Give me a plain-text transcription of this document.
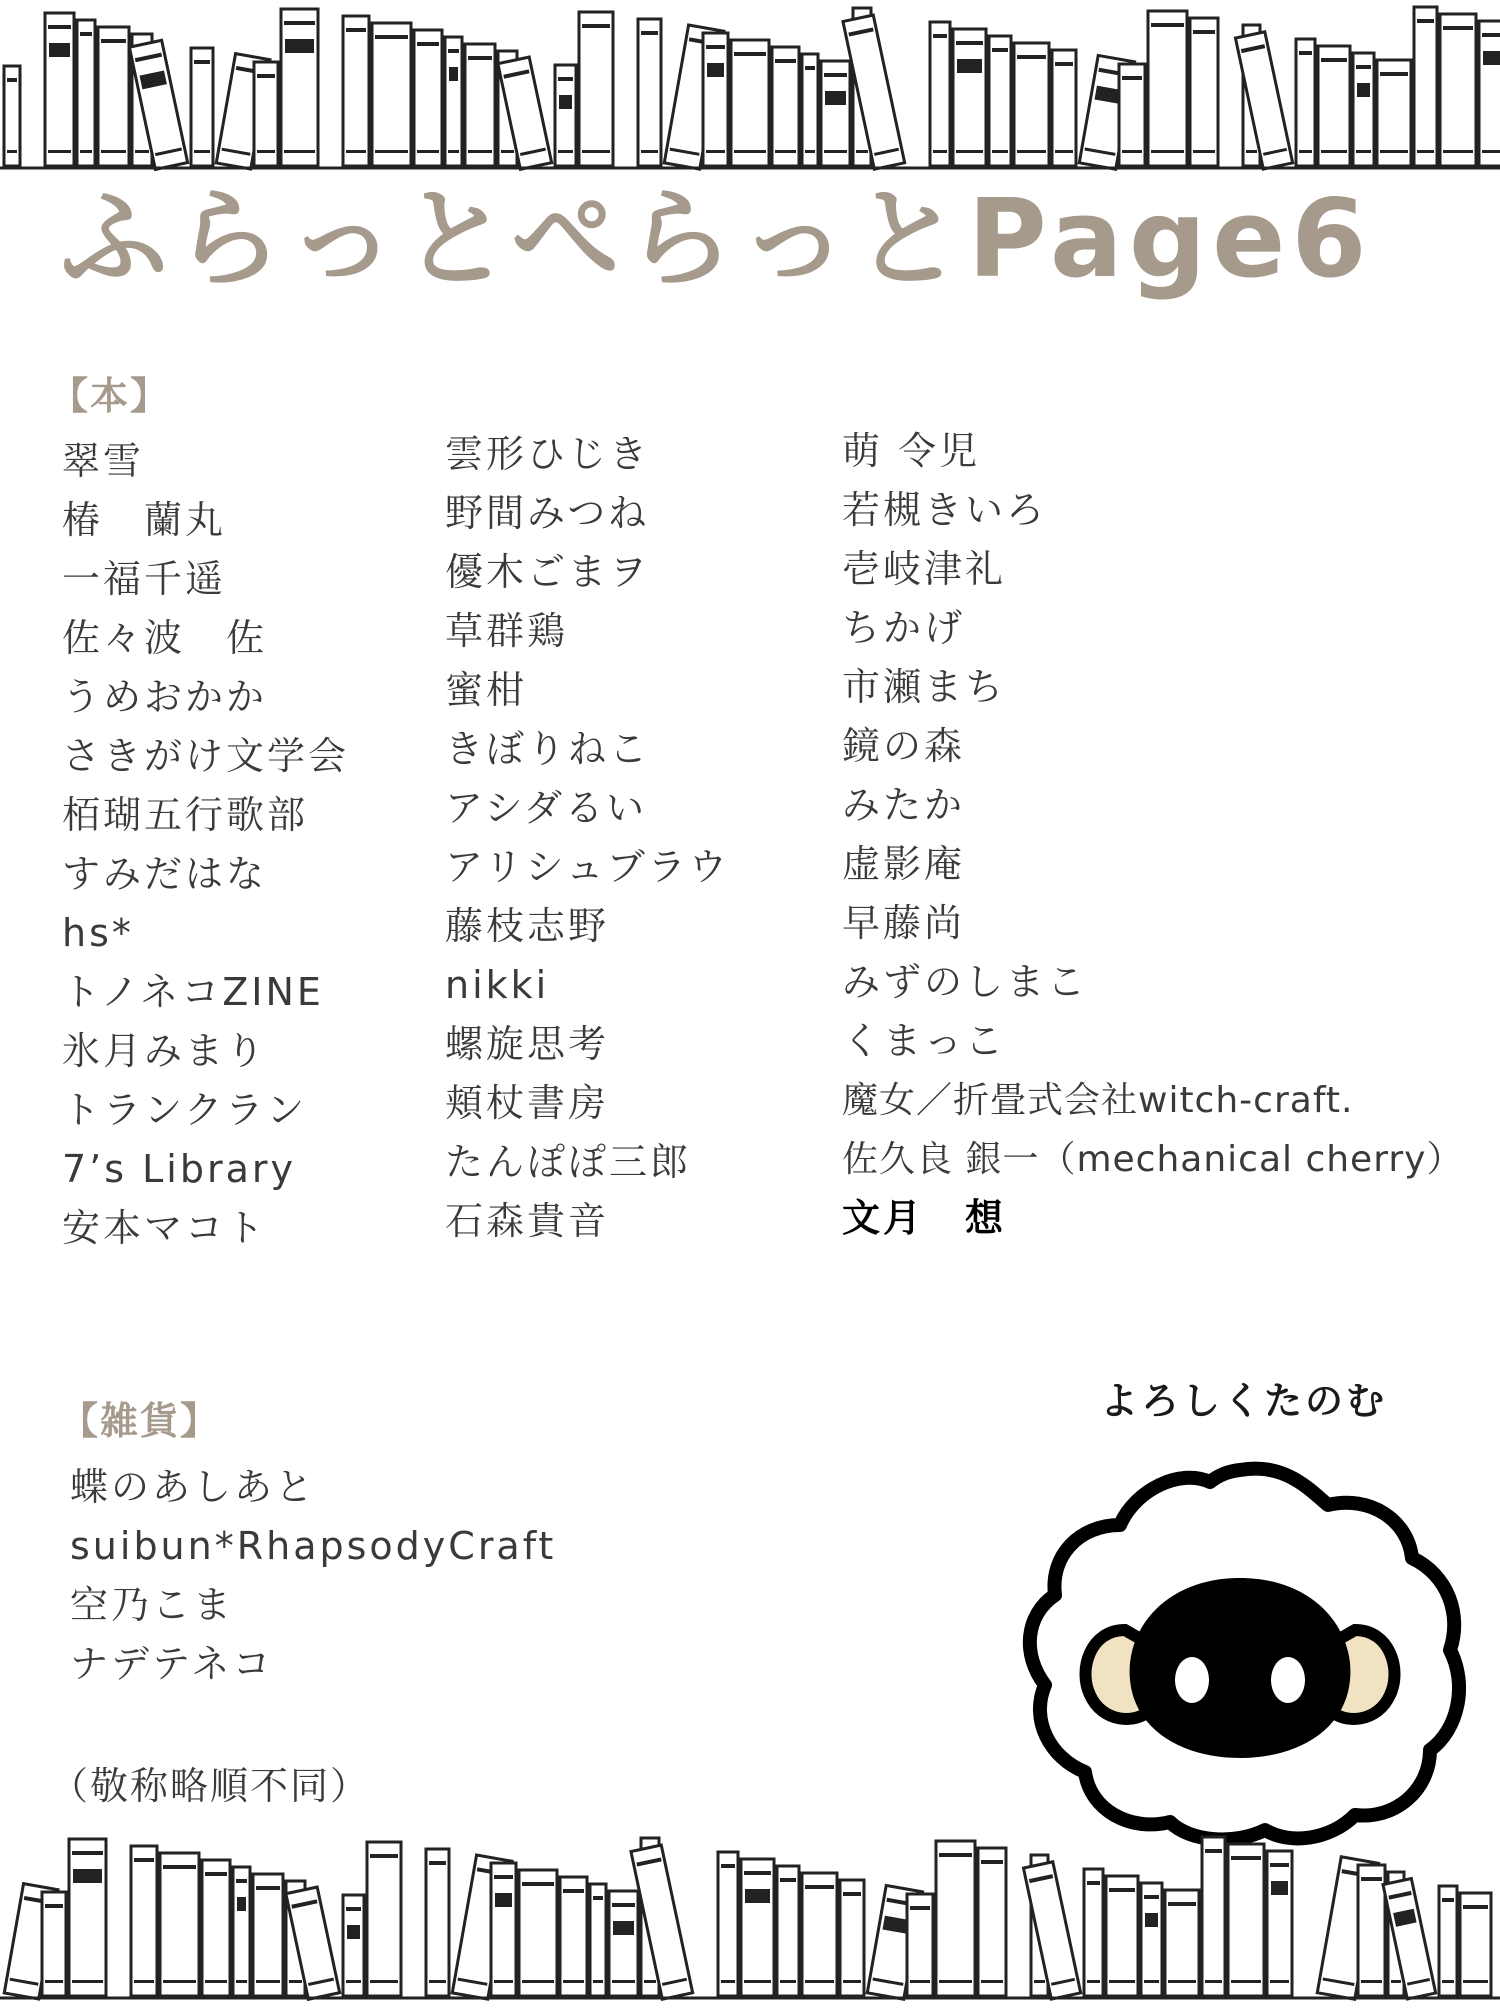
ふらっとぺらっとPage6
【本】
翠雪
椿　蘭丸
一福千遥
佐々波　佐
うめおかか
さきがけ文学会
栢瑚五行歌部
すみだはな
hs*
トノネコZINE
氷月みまり
トランクラン
7’s Library
安本マコト
雲形ひじき
野間みつね
優木ごまヲ
草群鶏
蜜柑
きぼりねこ
アシダるい
アリシュブラウ
藤枝志野
nikki
螺旋思考
頬杖書房
たんぽぽ三郎
石森貴音
萌 令児
若槻きいろ
壱岐津礼
ちかげ
市瀬まち
鏡の森
みたか
虚影庵
早藤尚
みずのしまこ
くまっこ
魔女／折畳式会社witch-craft.
佐久良 銀一（mechanical cherry）
文月　想
【雑貨】
蝶のあしあと
suibun*RhapsodyCraft
空乃こま
ナデテネコ
（敬称略順不同）
よろしくたのむ
